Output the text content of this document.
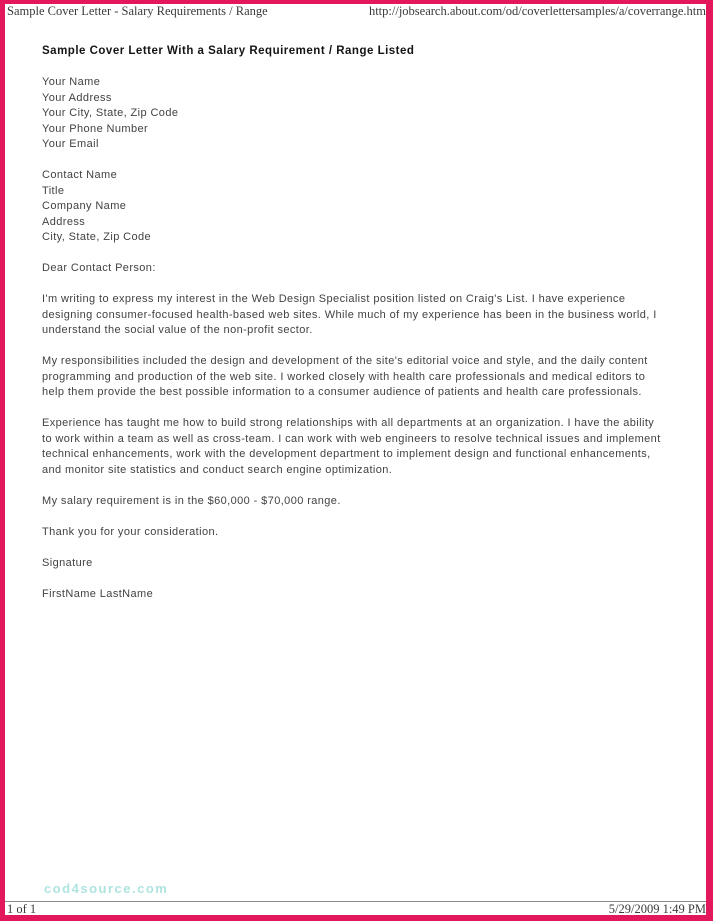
Sample Cover Letter - Salary Requirements / Range	http://jobsearch.about.com/od/coverlettersamples/a/coverrange.htm
Sample Cover Letter With a Salary Requirement / Range Listed
Your Name
Your Address
Your City, State, Zip Code
Your Phone Number
Your Email
Contact Name
Title
Company Name
Address
City, State, Zip Code
Dear Contact Person:
I'm writing to express my interest in the Web Design Specialist position listed on Craig's List. I have experience
designing consumer-focused health-based web sites. While much of my experience has been in the business world, I
understand the social value of the non-profit sector.
My responsibilities included the design and development of the site's editorial voice and style, and the daily content
programming and production of the web site. I worked closely with health care professionals and medical editors to
help them provide the best possible information to a consumer audience of patients and health care professionals.
Experience has taught me how to build strong relationships with all departments at an organization. I have the ability
to work within a team as well as cross-team. I can work with web engineers to resolve technical issues and implement
technical enhancements, work with the development department to implement design and functional enhancements,
and monitor site statistics and conduct search engine optimization.
My salary requirement is in the $60,000 - $70,000 range.
Thank you for your consideration.
Signature
FirstName LastName
cod4source.com
1 of 1	5/29/2009 1:49 PM
